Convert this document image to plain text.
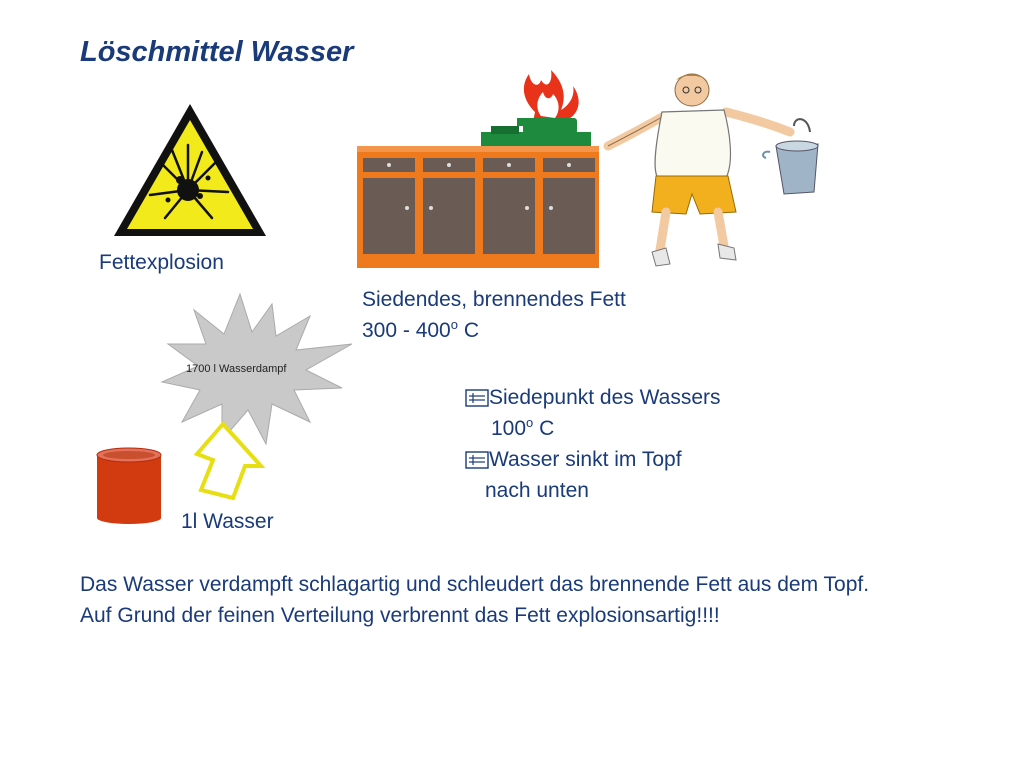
Löschmittel Wasser
Fettexplosion
1700 l Wasserdampf
1l Wasser
Siedendes, brennendes Fett
300 - 400$^o$ C
Siedepunkt des Wassers
100$^o$ C
Wasser sinkt im Topf
nach unten
Das Wasser verdampft schlagartig und schleudert das brennende Fett aus dem Topf.
Auf Grund der feinen Verteilung verbrennt das Fett explosionsartig!!!!
